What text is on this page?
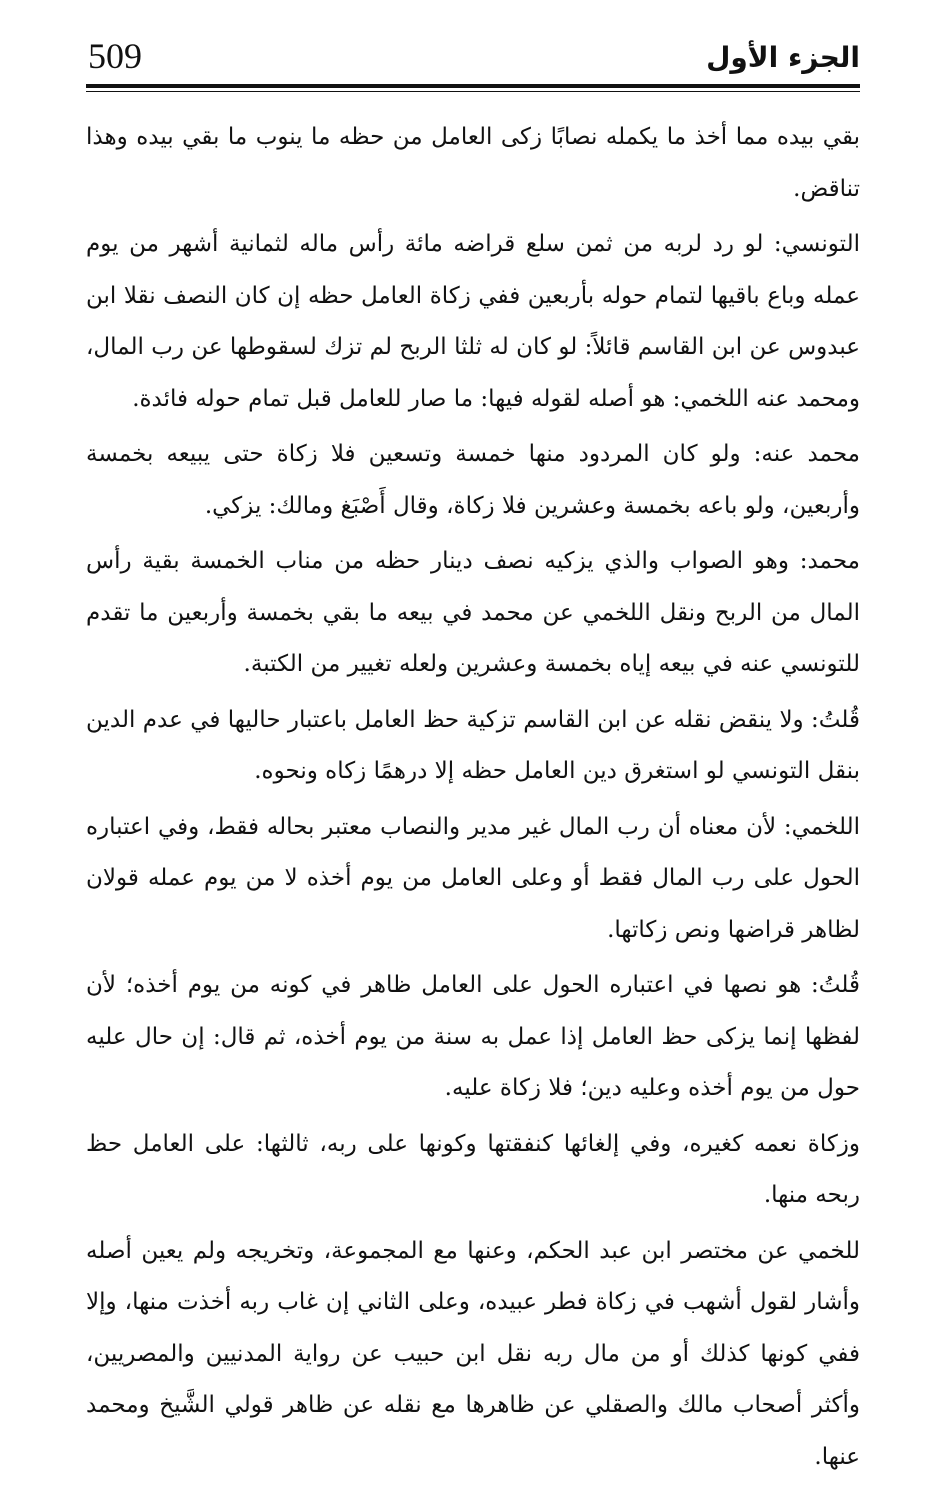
509	الجزء الأول

بقي بيده مما أخذ ما يكمله نصابًا زكى العامل من حظه ما ينوب ما بقي بيده وهذا تناقض.

التونسي: لو رد لربه من ثمن سلع قراضه مائة رأس ماله لثمانية أشهر من يوم عمله وباع باقيها لتمام حوله بأربعين ففي زكاة العامل حظه إن كان النصف نقلا ابن عبدوس عن ابن القاسم قائلاً: لو كان له ثلثا الربح لم تزك لسقوطها عن رب المال، ومحمد عنه اللخمي: هو أصله لقوله فيها: ما صار للعامل قبل تمام حوله فائدة.

محمد عنه: ولو كان المردود منها خمسة وتسعين فلا زكاة حتى يبيعه بخمسة وأربعين، ولو باعه بخمسة وعشرين فلا زكاة، وقال أَصْبَغ ومالك: يزكي.

محمد: وهو الصواب والذي يزكيه نصف دينار حظه من مناب الخمسة بقية رأس المال من الربح ونقل اللخمي عن محمد في بيعه ما بقي بخمسة وأربعين ما تقدم للتونسي عنه في بيعه إياه بخمسة وعشرين ولعله تغيير من الكتبة.

قُلتُ: ولا ينقض نقله عن ابن القاسم تزكية حظ العامل باعتبار حاليها في عدم الدين بنقل التونسي لو استغرق دين العامل حظه إلا درهمًا زكاه ونحوه.

اللخمي: لأن معناه أن رب المال غير مدير والنصاب معتبر بحاله فقط، وفي اعتباره الحول على رب المال فقط أو وعلى العامل من يوم أخذه لا من يوم عمله قولان لظاهر قراضها ونص زكاتها.

قُلتُ: هو نصها في اعتباره الحول على العامل ظاهر في كونه من يوم أخذه؛ لأن لفظها إنما يزكى حظ العامل إذا عمل به سنة من يوم أخذه، ثم قال: إن حال عليه حول من يوم أخذه وعليه دين؛ فلا زكاة عليه.

وزكاة نعمه كغيره، وفي إلغائها كنفقتها وكونها على ربه، ثالثها: على العامل حظ ربحه منها.

للخمي عن مختصر ابن عبد الحكم، وعنها مع المجموعة، وتخريجه ولم يعين أصله وأشار لقول أشهب في زكاة فطر عبيده، وعلى الثاني إن غاب ربه أخذت منها، وإلا ففي كونها كذلك أو من مال ربه نقل ابن حبيب عن رواية المدنيين والمصريين، وأكثر أصحاب مالك والصقلي عن ظاهرها مع نقله عن ظاهر قولي الشَّيخ ومحمد عنها.
